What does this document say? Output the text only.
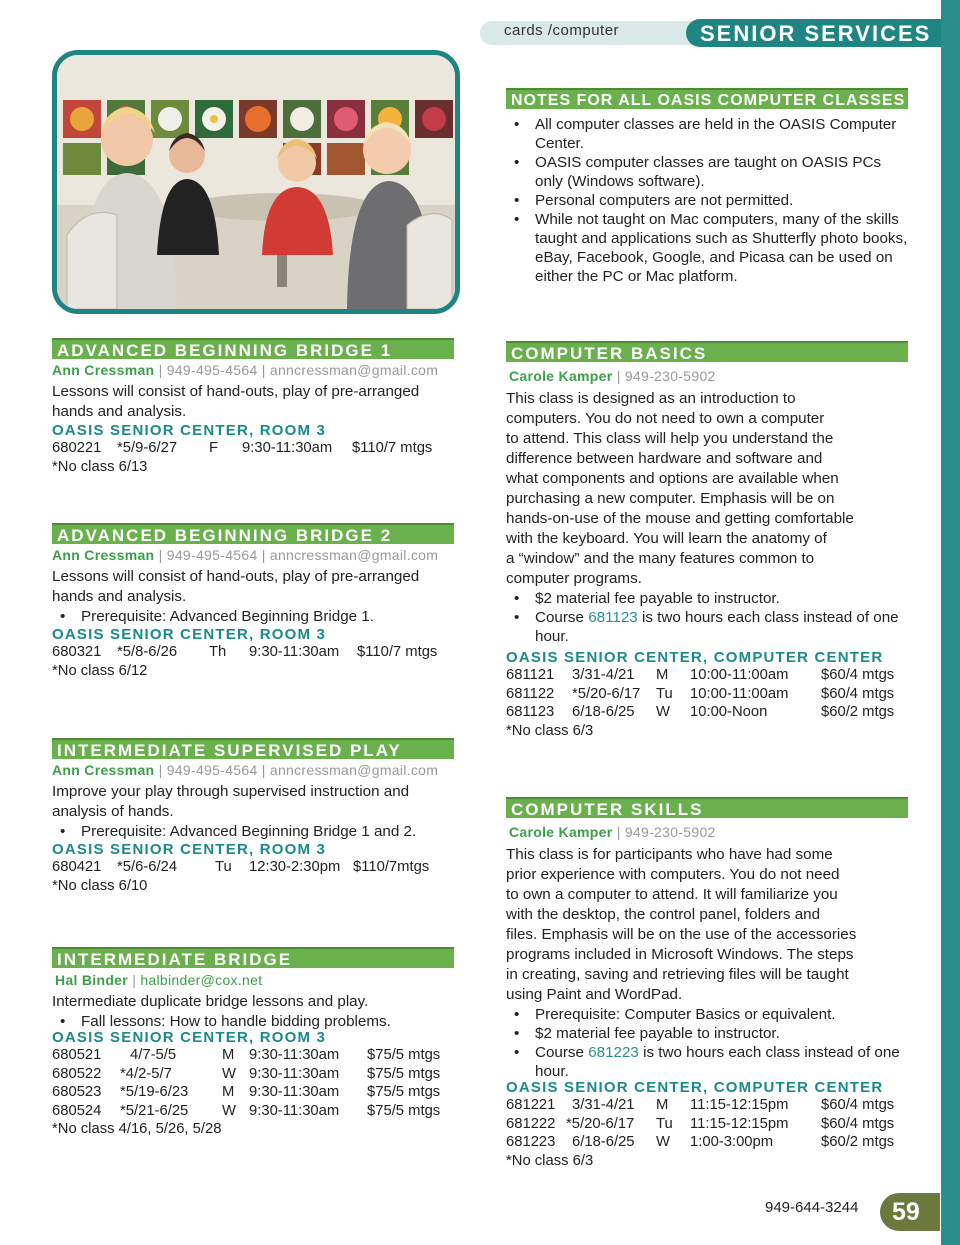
cards /computer	SENIOR SERVICES
NOTES FOR ALL OASIS COMPUTER CLASSES
• All computer classes are held in the OASIS Computer Center.
• OASIS computer classes are taught on OASIS PCs only (Windows software).
• Personal computers are not permitted.
• While not taught on Mac computers, many of the skills taught and applications such as Shutterfly photo books, eBay, Facebook, Google, and Picasa can be used on either the PC or Mac platform.
ADVANCED BEGINNING BRIDGE 1
Ann Cressman | 949-495-4564 | anncressman@gmail.com
Lessons will consist of hand-outs, play of pre-arranged hands and analysis.
OASIS SENIOR CENTER, ROOM 3
680221 *5/9-6/27 F 9:30-11:30am $110/7 mtgs
*No class 6/13
ADVANCED BEGINNING BRIDGE 2
Ann Cressman | 949-495-4564 | anncressman@gmail.com
Lessons will consist of hand-outs, play of pre-arranged hands and analysis.
• Prerequisite: Advanced Beginning Bridge 1.
OASIS SENIOR CENTER, ROOM 3
680321 *5/8-6/26 Th 9:30-11:30am $110/7 mtgs
*No class 6/12
INTERMEDIATE SUPERVISED PLAY
Ann Cressman | 949-495-4564 | anncressman@gmail.com
Improve your play through supervised instruction and analysis of hands.
• Prerequisite: Advanced Beginning Bridge 1 and 2.
OASIS SENIOR CENTER, ROOM 3
680421 *5/6-6/24	Tu 12:30-2:30pm $110/7mtgs
*No class 6/10
INTERMEDIATE BRIDGE
Hal Binder | halbinder@cox.net
Intermediate duplicate bridge lessons and play.
• Fall lessons: How to handle bidding problems.
OASIS SENIOR CENTER, ROOM 3
680521 4/7-5/5	M 9:30-11:30am $75/5 mtgs
680522 *4/2-5/7	W 9:30-11:30am $75/5 mtgs
680523 *5/19-6/23 M 9:30-11:30am $75/5 mtgs
680524 *5/21-6/25 W 9:30-11:30am $75/5 mtgs
*No class 4/16, 5/26, 5/28
COMPUTER BASICS
Carole Kamper | 949-230-5902
This class is designed as an introduction to
computers. You do not need to own a computer
to attend. This class will help you understand the
difference between hardware and software and
what components and options are available when
purchasing a new computer. Emphasis will be on
hands-on-use of the mouse and getting comfortable
with the keyboard. You will learn the anatomy of
a “window” and the many features common to
computer programs.
• $2 material fee payable to instructor.
• Course 681123 is two hours each class instead of one hour.
OASIS SENIOR CENTER, COMPUTER CENTER
681121 3/31-4/21 M 10:00-11:00am $60/4 mtgs
681122 *5/20-6/17 Tu 10:00-11:00am $60/4 mtgs
681123 6/18-6/25 W 10:00-Noon	$60/2 mtgs
*No class 6/3
COMPUTER SKILLS
Carole Kamper | 949-230-5902
This class is for participants who have had some
prior experience with computers. You do not need
to own a computer to attend. It will familiarize you
with the desktop, the control panel, folders and
files. Emphasis will be on the use of the accessories
programs included in Microsoft Windows. The steps
in creating, saving and retrieving files will be taught
using Paint and WordPad.
• Prerequisite: Computer Basics or equivalent.
• $2 material fee payable to instructor.
• Course 681223 is two hours each class instead of one hour.
OASIS SENIOR CENTER, COMPUTER CENTER
681221 3/31-4/21 M 11:15-12:15pm $60/4 mtgs
681222 *5/20-6/17 Tu 11:15-12:15pm $60/4 mtgs
681223 6/18-6/25 W 1:00-3:00pm	$60/2 mtgs
*No class 6/3
949-644-3244	59
